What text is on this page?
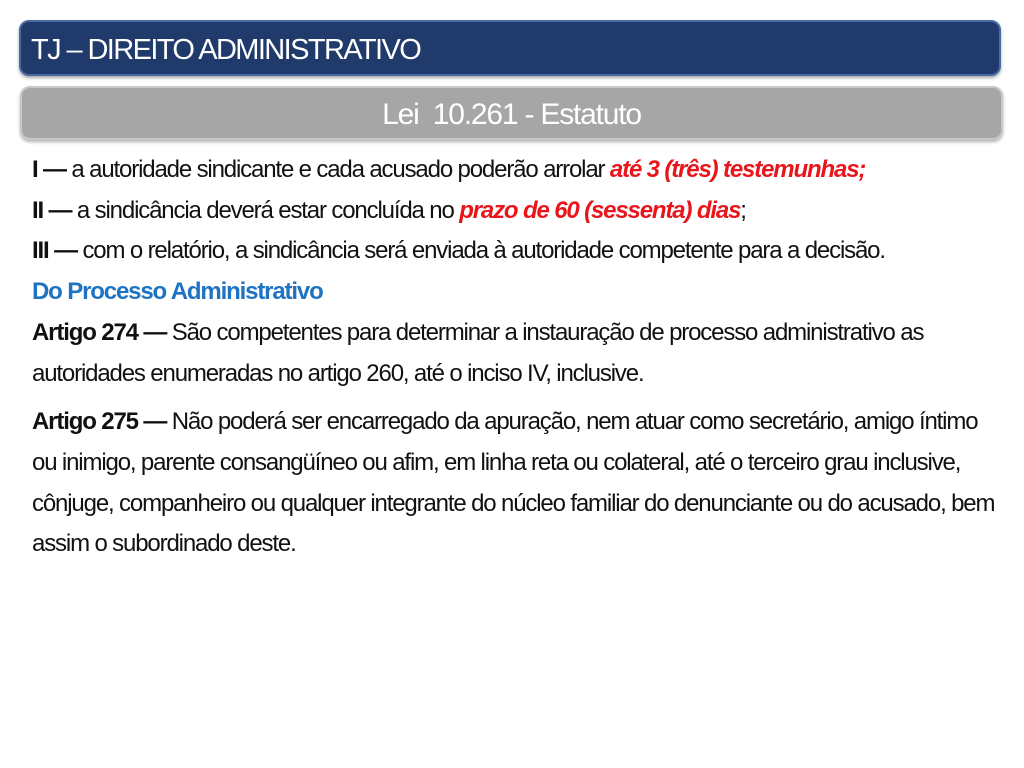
TJ – DIREITO ADMINISTRATIVO
Lei  10.261 - Estatuto

I — a autoridade sindicante e cada acusado poderão arrolar até 3 (três) testemunhas;

II — a sindicância deverá estar concluída no prazo de 60 (sessenta) dias;

III — com o relatório, a sindicância será enviada à autoridade competente para a decisão.

Do Processo Administrativo

Artigo 274 — São competentes para determinar a instauração de processo administrativo as autoridades enumeradas no artigo 260, até o inciso IV, inclusive.

Artigo 275 — Não poderá ser encarregado da apuração, nem atuar como secretário, amigo íntimo ou inimigo, parente consangüíneo ou afim, em linha reta ou colateral, até o terceiro grau inclusive, cônjuge, companheiro ou qualquer integrante do núcleo familiar do denunciante ou do acusado, bem assim o subordinado deste.
